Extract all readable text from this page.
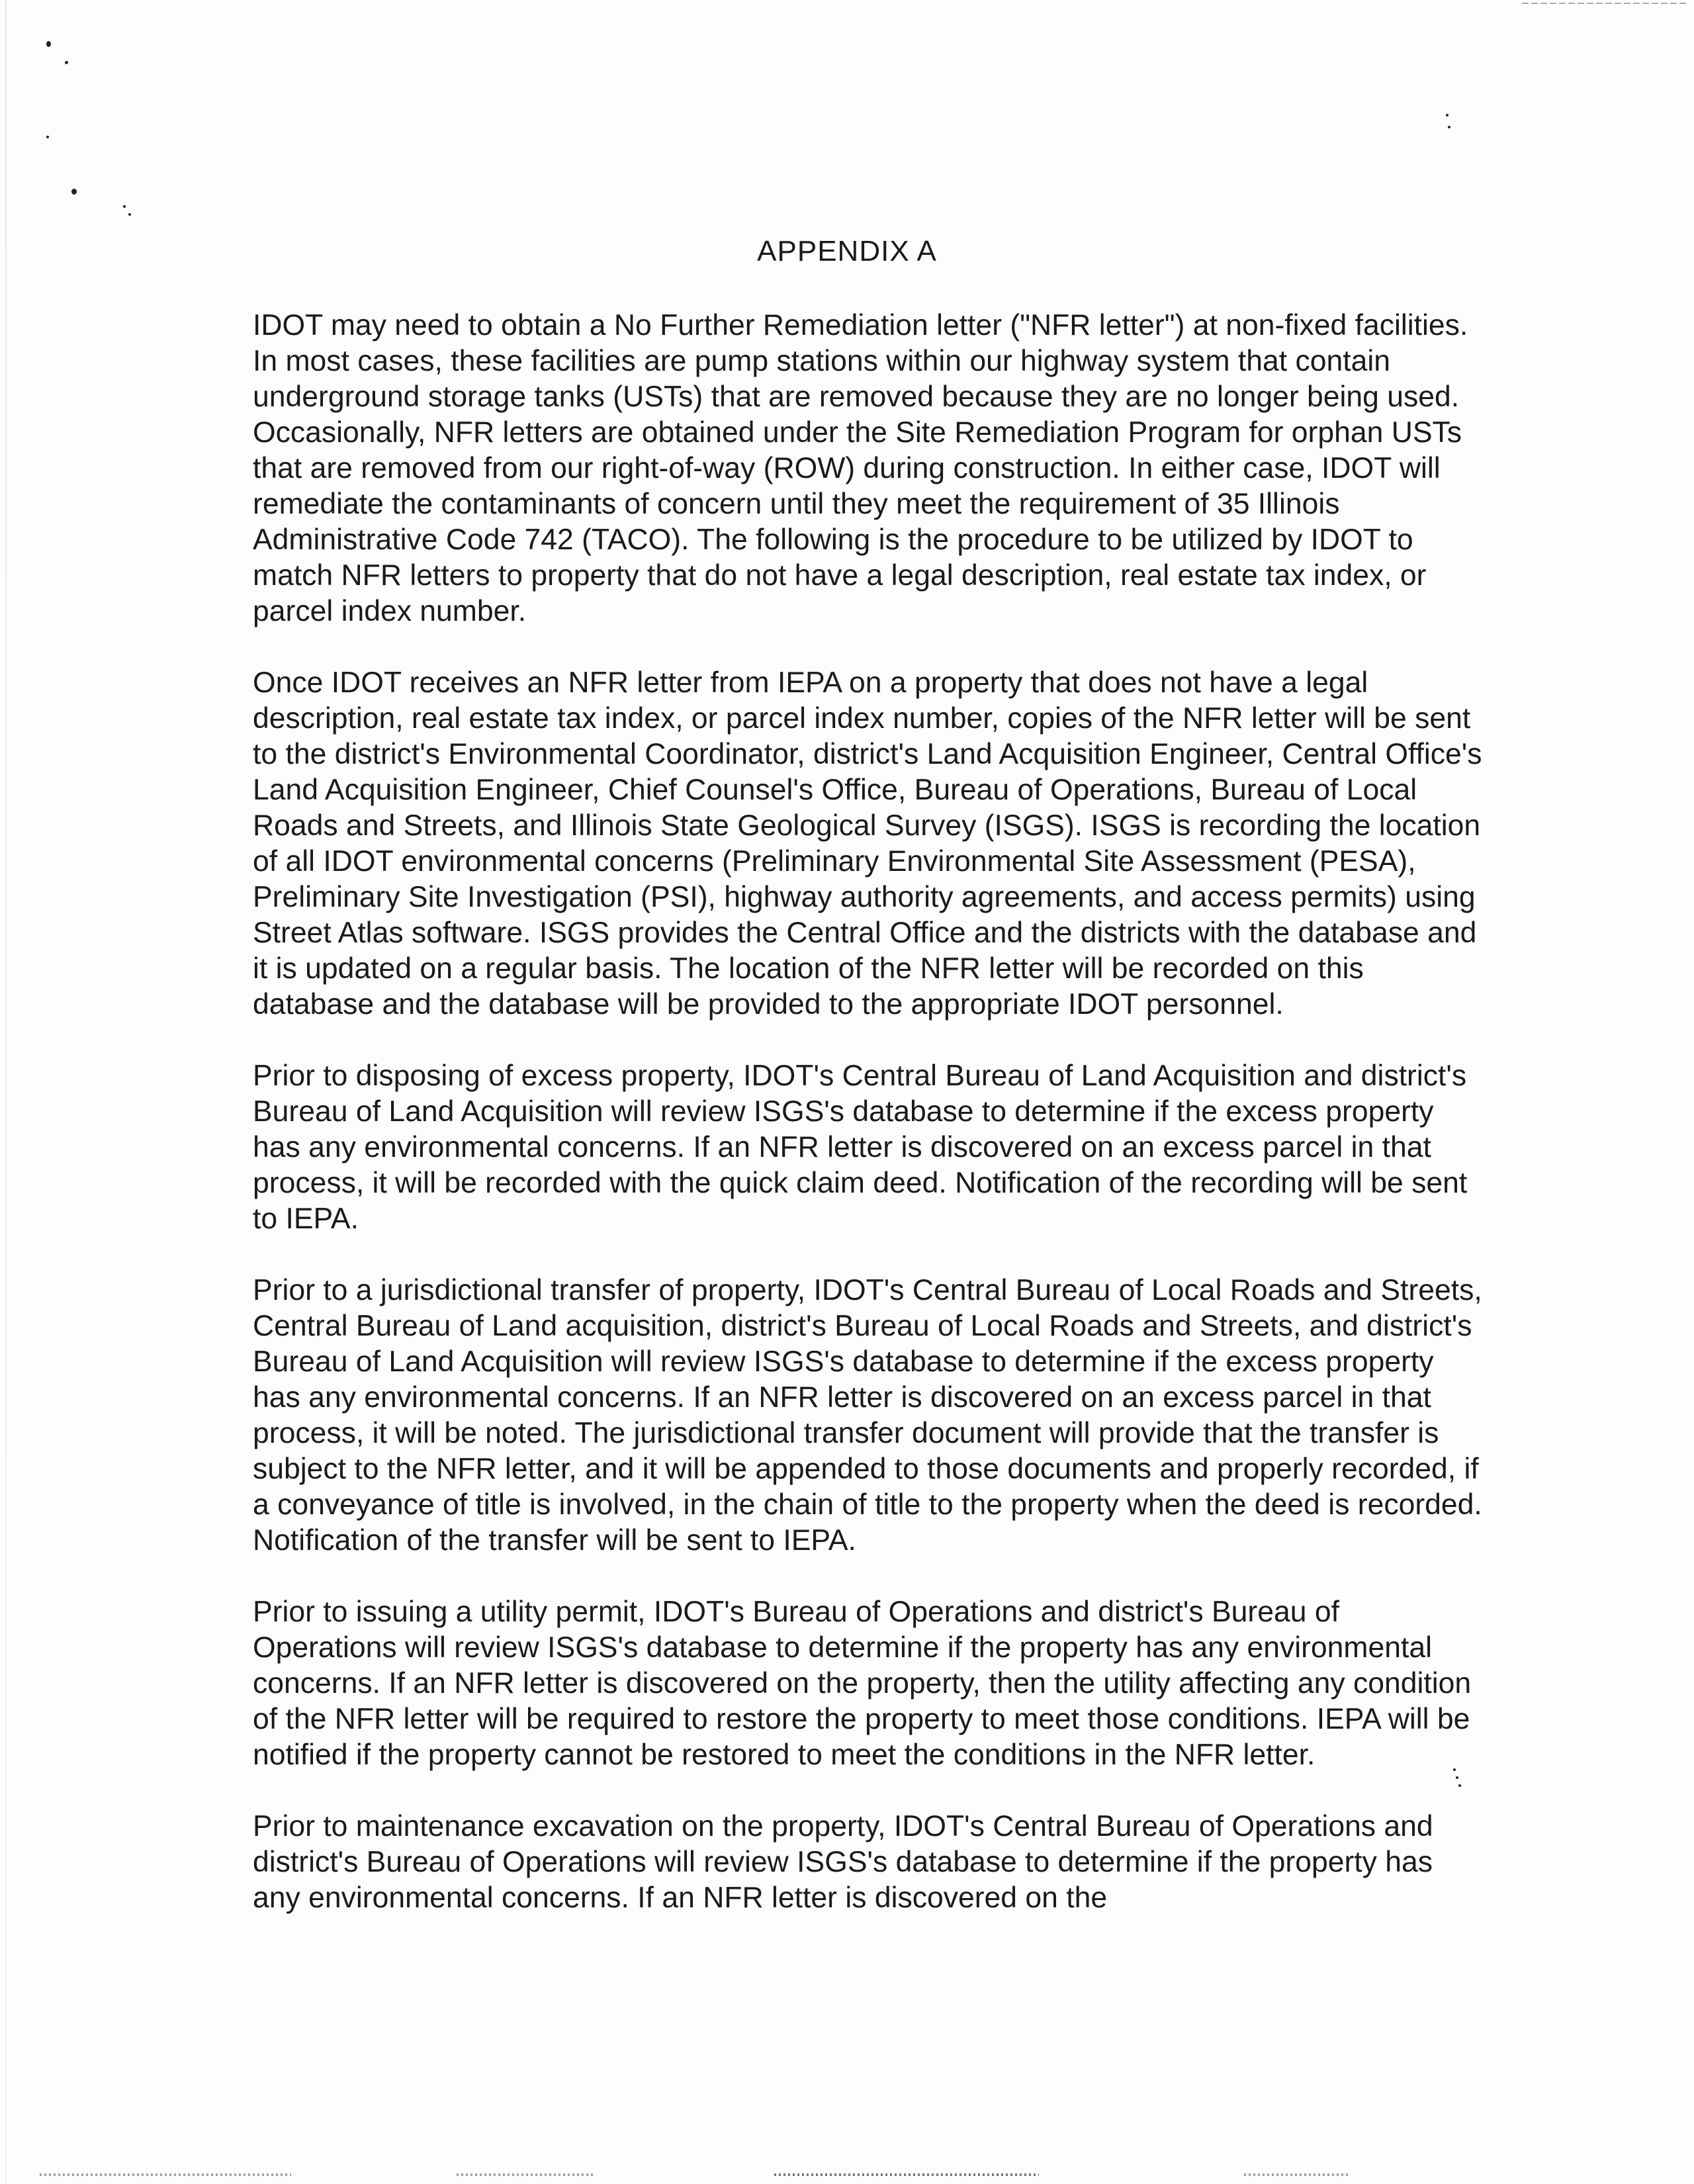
APPENDIX A

IDOT may need to obtain a No Further Remediation letter ("NFR letter") at non-fixed facilities. In most cases, these facilities are pump stations within our highway system that contain underground storage tanks (USTs) that are removed because they are no longer being used. Occasionally, NFR letters are obtained under the Site Remediation Program for orphan USTs that are removed from our right-of-way (ROW) during construction. In either case, IDOT will remediate the contaminants of concern until they meet the requirement of 35 Illinois Administrative Code 742 (TACO). The following is the procedure to be utilized by IDOT to match NFR letters to property that do not have a legal description, real estate tax index, or parcel index number.

Once IDOT receives an NFR letter from IEPA on a property that does not have a legal description, real estate tax index, or parcel index number, copies of the NFR letter will be sent to the district's Environmental Coordinator, district's Land Acquisition Engineer, Central Office's Land Acquisition Engineer, Chief Counsel's Office, Bureau of Operations, Bureau of Local Roads and Streets, and Illinois State Geological Survey (ISGS). ISGS is recording the location of all IDOT environmental concerns (Preliminary Environmental Site Assessment (PESA), Preliminary Site Investigation (PSI), highway authority agreements, and access permits) using Street Atlas software. ISGS provides the Central Office and the districts with the database and it is updated on a regular basis. The location of the NFR letter will be recorded on this database and the database will be provided to the appropriate IDOT personnel.

Prior to disposing of excess property, IDOT's Central Bureau of Land Acquisition and district's Bureau of Land Acquisition will review ISGS's database to determine if the excess property has any environmental concerns. If an NFR letter is discovered on an excess parcel in that process, it will be recorded with the quick claim deed. Notification of the recording will be sent to IEPA.

Prior to a jurisdictional transfer of property, IDOT's Central Bureau of Local Roads and Streets, Central Bureau of Land acquisition, district's Bureau of Local Roads and Streets, and district's Bureau of Land Acquisition will review ISGS's database to determine if the excess property has any environmental concerns. If an NFR letter is discovered on an excess parcel in that process, it will be noted. The jurisdictional transfer document will provide that the transfer is subject to the NFR letter, and it will be appended to those documents and properly recorded, if a conveyance of title is involved, in the chain of title to the property when the deed is recorded. Notification of the transfer will be sent to IEPA.

Prior to issuing a utility permit, IDOT's Bureau of Operations and district's Bureau of Operations will review ISGS's database to determine if the property has any environmental concerns. If an NFR letter is discovered on the property, then the utility affecting any condition of the NFR letter will be required to restore the property to meet those conditions. IEPA will be notified if the property cannot be restored to meet the conditions in the NFR letter.

Prior to maintenance excavation on the property, IDOT's Central Bureau of Operations and district's Bureau of Operations will review ISGS's database to determine if the property has any environmental concerns. If an NFR letter is discovered on the
